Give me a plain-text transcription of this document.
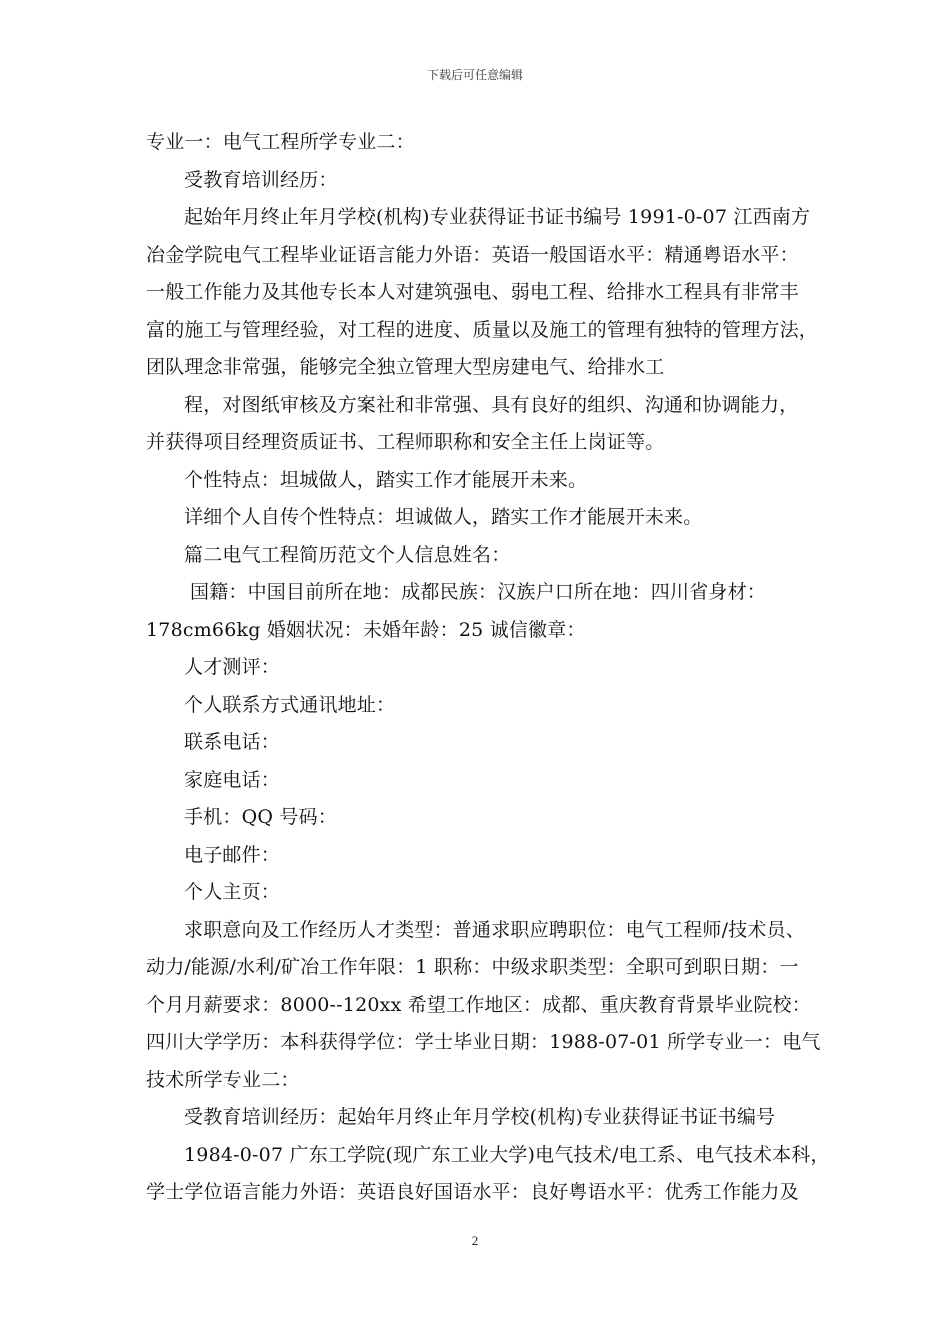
下载后可任意编辑
专业一：电气工程所学专业二：
受教育培训经历：
起始年月终止年月学校(机构)专业获得证书证书编号 1991-0-07 江西南方
冶金学院电气工程毕业证语言能力外语：英语一般国语水平：精通粤语水平：
一般工作能力及其他专长本人对建筑强电、弱电工程、给排水工程具有非常丰
富的施工与管理经验，对工程的进度、质量以及施工的管理有独特的管理方法，
团队理念非常强，能够完全独立管理大型房建电气、给排水工
程，对图纸审核及方案社和非常强、具有良好的组织、沟通和协调能力，
并获得项目经理资质证书、工程师职称和安全主任上岗证等。
个性特点：坦城做人，踏实工作才能展开未来。
详细个人自传个性特点：坦诚做人，踏实工作才能展开未来。
篇二电气工程简历范文个人信息姓名：
国籍：中国目前所在地：成都民族：汉族户口所在地：四川省身材：
178cm66kg 婚姻状况：未婚年龄：25 诚信徽章：
人才测评：
个人联系方式通讯地址：
联系电话：
家庭电话：
手机：QQ 号码：
电子邮件：
个人主页：
求职意向及工作经历人才类型：普通求职应聘职位：电气工程师/技术员、
动力/能源/水利/矿冶工作年限：1 职称：中级求职类型：全职可到职日期：一
个月月薪要求：8000--120xx 希望工作地区：成都、重庆教育背景毕业院校：
四川大学学历：本科获得学位：学士毕业日期：1988-07-01 所学专业一：电气
技术所学专业二：
受教育培训经历：起始年月终止年月学校(机构)专业获得证书证书编号
1984-0-07 广东工学院(现广东工业大学)电气技术/电工系、电气技术本科，
学士学位语言能力外语：英语良好国语水平：良好粤语水平：优秀工作能力及
2
